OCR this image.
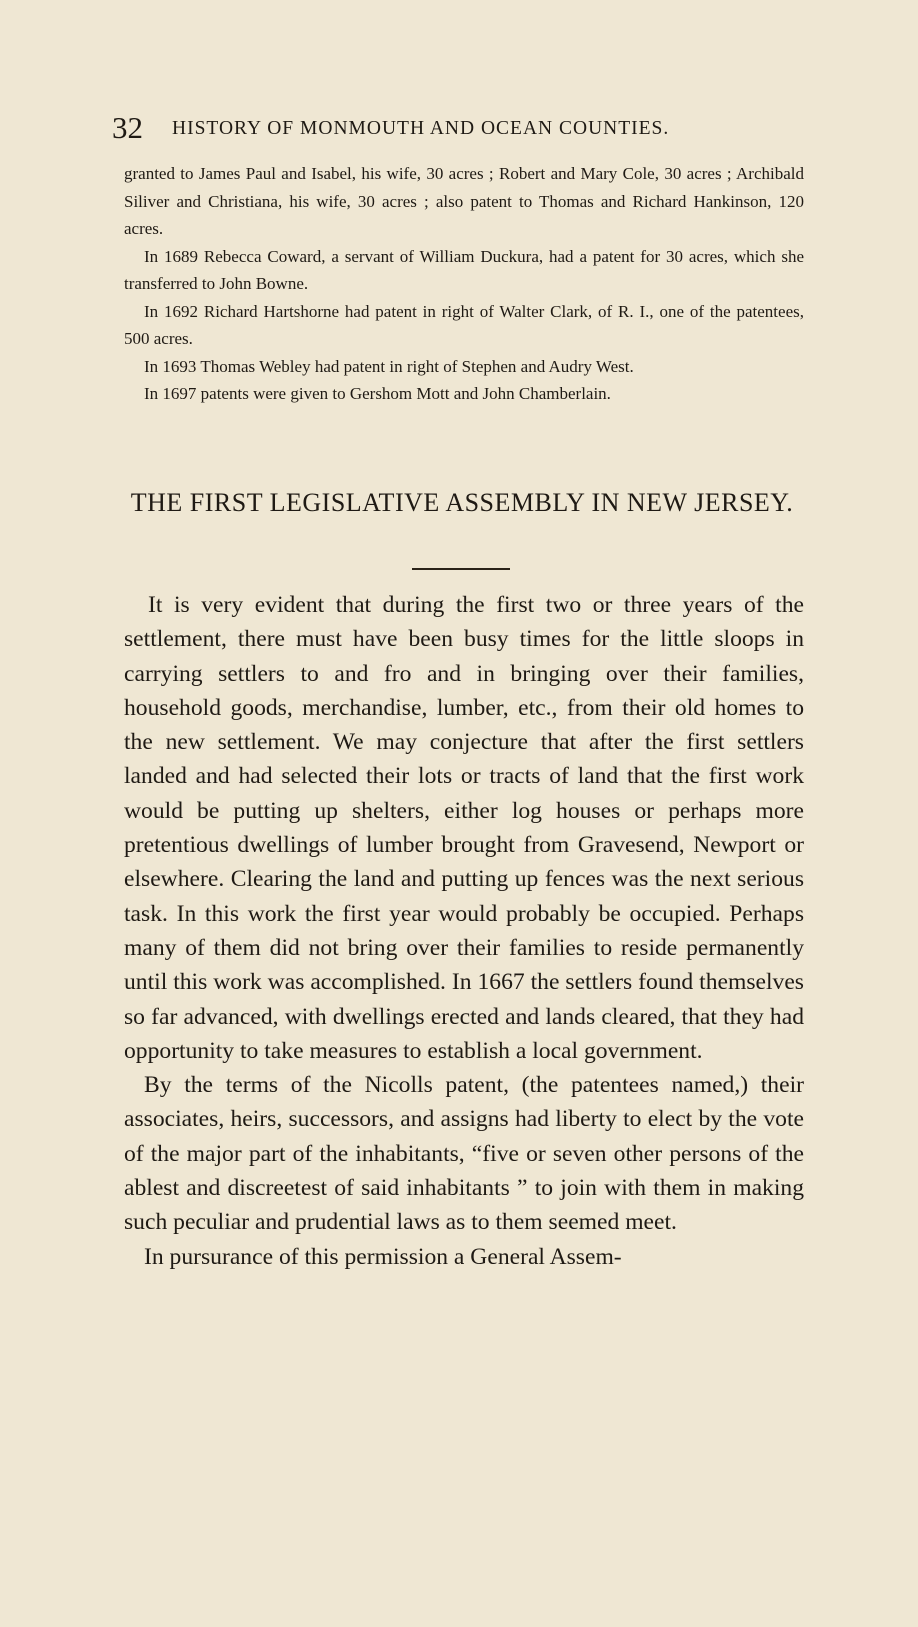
32 HISTORY OF MONMOUTH AND OCEAN COUNTIES.

granted to James Paul and Isabel, his wife, 30 acres ; Robert and Mary Cole, 30 acres ; Archibald Siliver and Christiana, his wife, 30 acres ; also patent to Thomas and Richard Hankinson, 120 acres.

In 1689 Rebecca Coward, a servant of William Duckura, had a patent for 30 acres, which she transferred to John Bowne.

In 1692 Richard Hartshorne had patent in right of Walter Clark, of R. I., one of the patentees, 500 acres.

In 1693 Thomas Webley had patent in right of Stephen and Audry West.

In 1697 patents were given to Gershom Mott and John Chamberlain.

THE FIRST LEGISLATIVE ASSEMBLY IN NEW JERSEY.

It is very evident that during the first two or three years of the settlement, there must have been busy times for the little sloops in carrying settlers to and fro and in bringing over their families, household goods, merchandise, lumber, etc., from their old homes to the new settlement. We may conjecture that after the first settlers landed and had selected their lots or tracts of land that the first work would be putting up shelters, either log houses or perhaps more pretentious dwellings of lumber brought from Gravesend, Newport or elsewhere. Clearing the land and putting up fences was the next serious task. In this work the first year would probably be occupied. Perhaps many of them did not bring over their families to reside permanently until this work was accomplished. In 1667 the settlers found themselves so far advanced, with dwellings erected and lands cleared, that they had opportunity to take measures to establish a local government.

By the terms of the Nicolls patent, (the patentees named,) their associates, heirs, successors, and assigns had liberty to elect by the vote of the major part of the inhabitants, “five or seven other persons of the ablest and discreetest of said inhabitants ” to join with them in making such peculiar and prudential laws as to them seemed meet.

In pursurance of this permission a General Assem-
